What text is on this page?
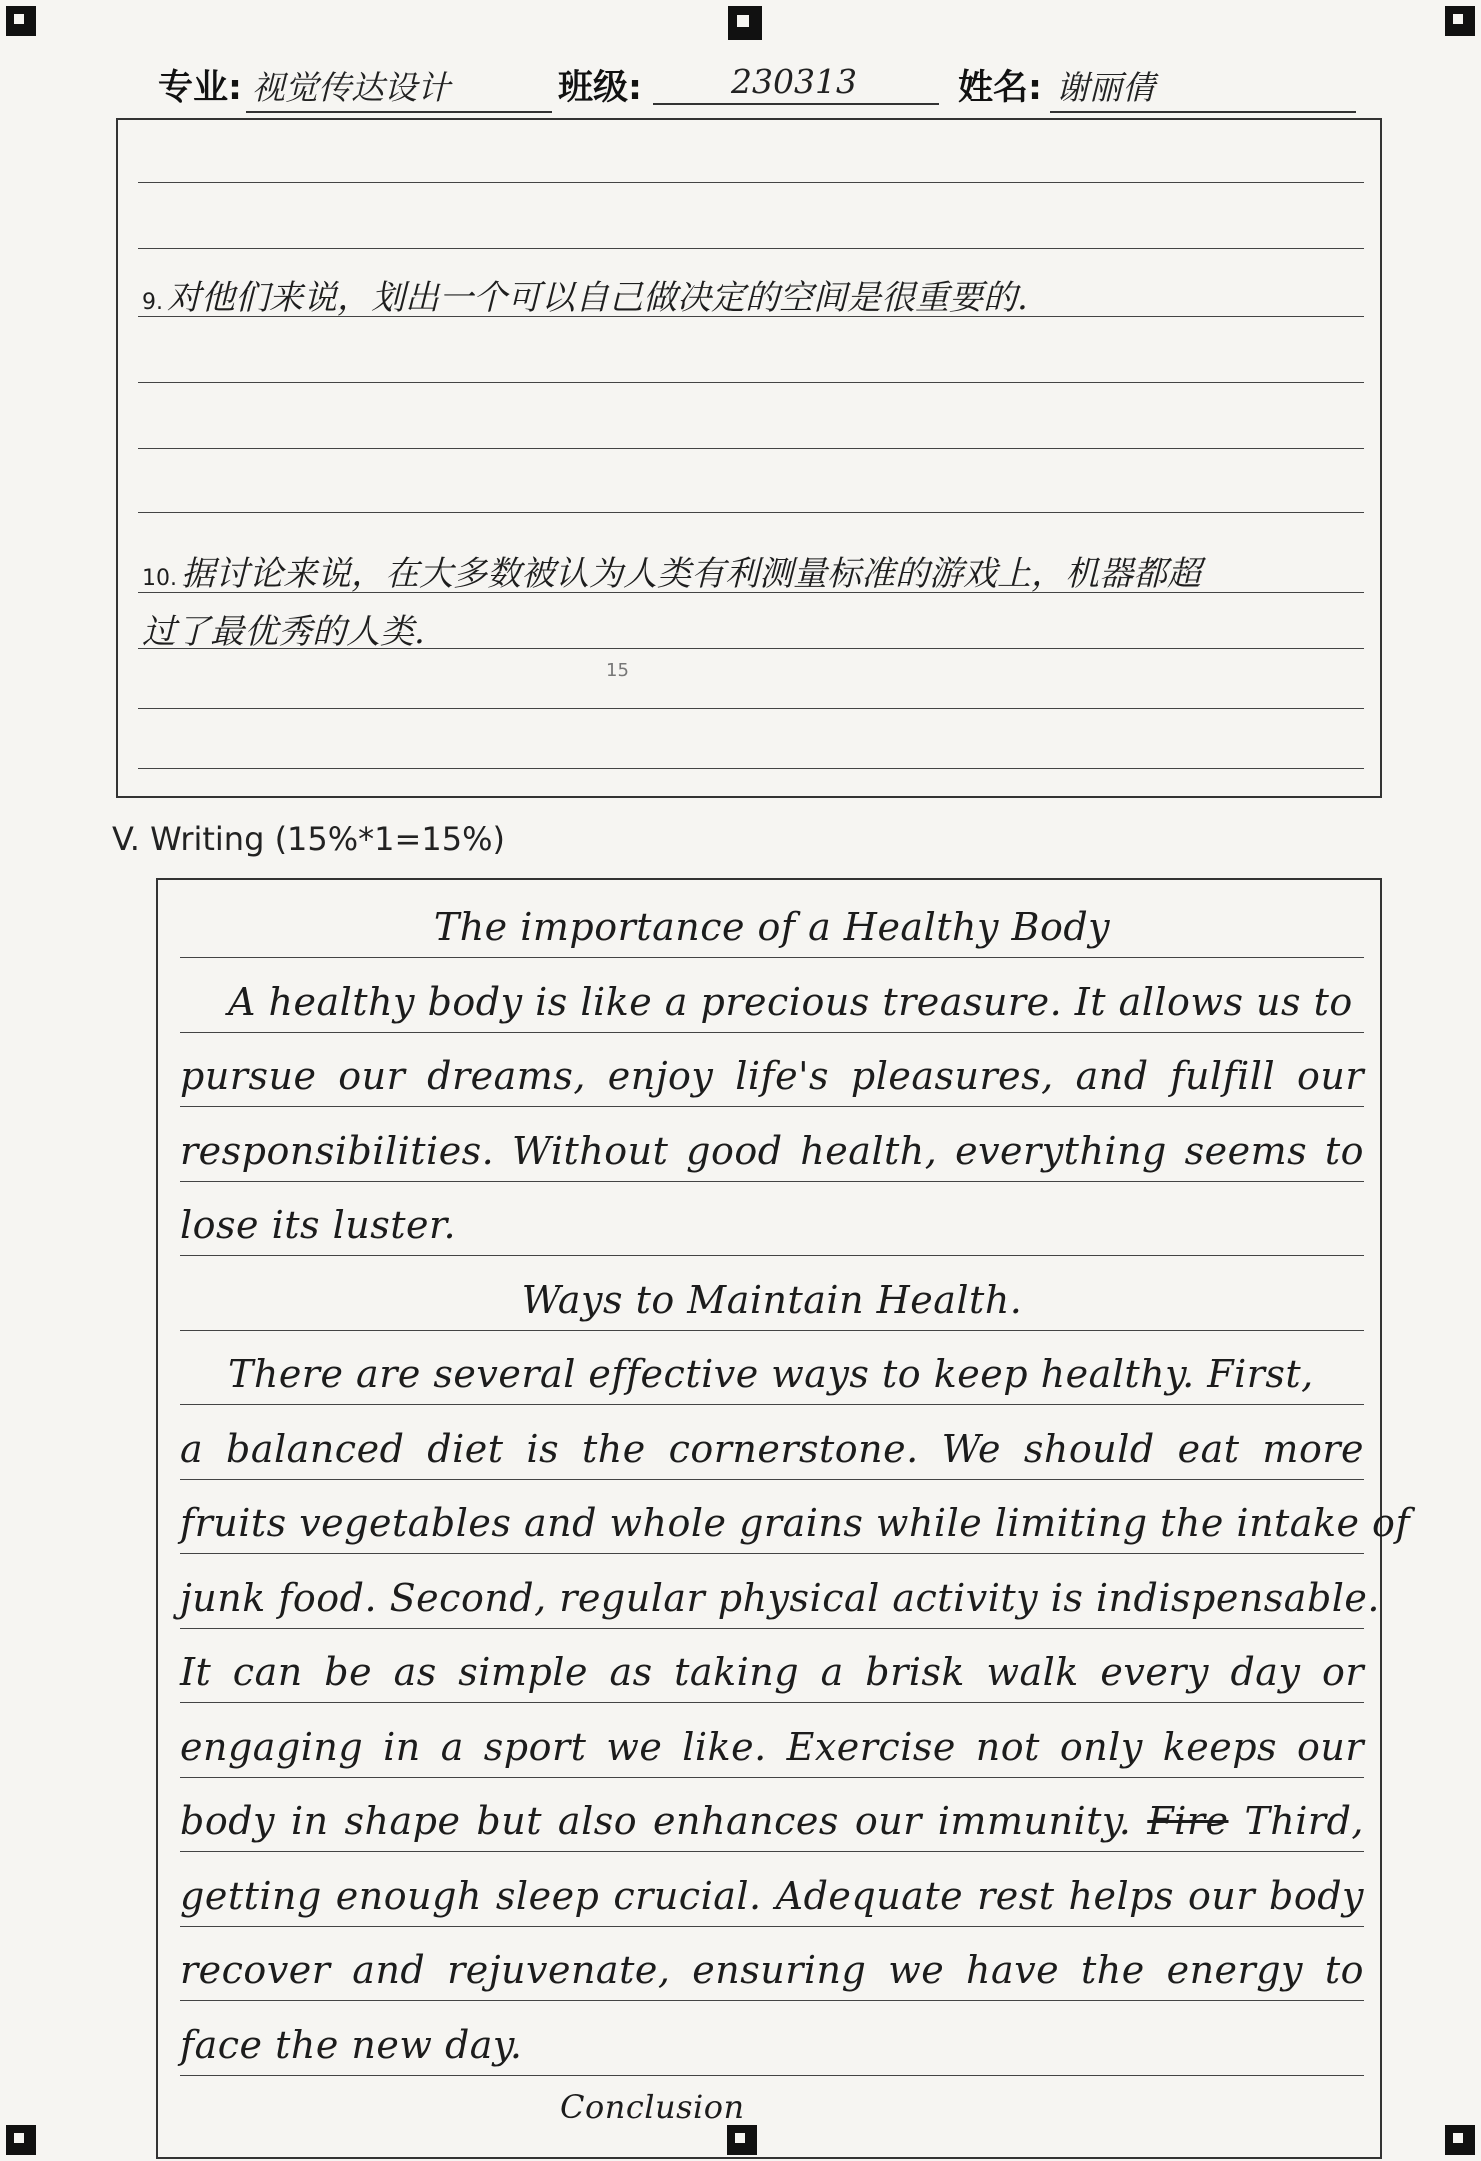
专业: 视觉传达设计	班级:	230313	姓名: 谢丽倩
9. 对他们来说，划出一个可以自己做决定的空间是很重要的.
10. 据讨论来说，在大多数被认为人类有利测量标准的游戏上，机器都超
过了最优秀的人类.
15
V. Writing (15%*1=15%)
The importance of a Healthy Body
A healthy body is like a precious treasure. It allows us to
pursue our dreams, enjoy life's pleasures, and fulfill our
responsibilities. Without good health, everything seems to
lose its luster.
Ways to Maintain Health.
There are several effective ways to keep healthy. First,
a balanced diet is the cornerstone. We should eat more
fruits vegetables and whole grains while limiting the intake of
junk food. Second, regular physical activity is indispensable.
It can be as simple as taking a brisk walk every day or
engaging in a sport we like. Exercise not only keeps our
body in shape but also enhances our immunity. Fire Third,
getting enough sleep crucial. Adequate rest helps our body
recover and rejuvenate, ensuring we have the energy to
face the new day.
Conclusion
